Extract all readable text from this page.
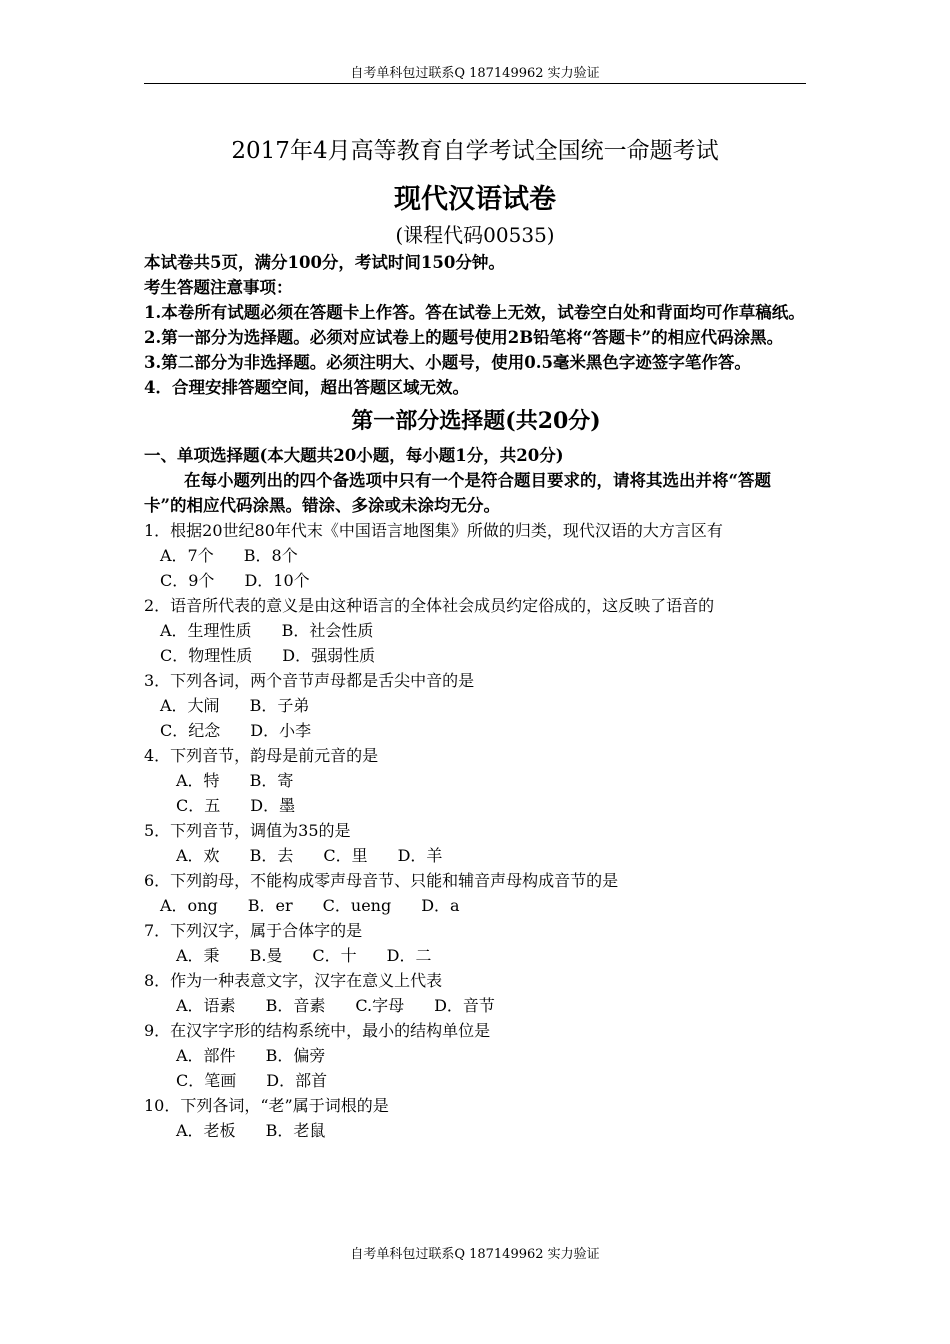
自考单科包过联系Q 187149962 实力验证
2017年4月高等教育自学考试全国统一命题考试
现代汉语试卷
(课程代码00535)
本试卷共5页，满分100分，考试时间150分钟。
考生答题注意事项：
1.本卷所有试题必须在答题卡上作答。答在试卷上无效，试卷空白处和背面均可作草稿纸。
2.第一部分为选择题。必须对应试卷上的题号使用2B铅笔将“答题卡”的相应代码涂黑。
3.第二部分为非选择题。必须注明大、小题号，使用0.5毫米黑色字迹签字笔作答。
4．合理安排答题空间，超出答题区域无效。
第一部分选择题(共20分)
一、单项选择题(本大题共20小题，每小题1分，共20分)
在每小题列出的四个备选项中只有一个是符合题目要求的，请将其选出并将“答题卡”的相应代码涂黑。错涂、多涂或未涂均无分。
1．根据20世纪80年代末《中国语言地图集》所做的归类，现代汉语的大方言区有
A．7个 B．8个
C．9个 D．10个
2．语音所代表的意义是由这种语言的全体社会成员约定俗成的，这反映了语音的
A．生理性质 B．社会性质
C．物理性质 D．强弱性质
3．下列各词，两个音节声母都是舌尖中音的是
A．大闹 B．子弟
C．纪念 D．小李
4．下列音节，韵母是前元音的是
A．特 B．寄
C．五 D．墨
5．下列音节，调值为35的是
A．欢 B．去 C．里 D．羊
6．下列韵母，不能构成零声母音节、只能和辅音声母构成音节的是
A．ong B．er C．ueng D．a
7．下列汉字，属于合体字的是
A．秉 B.曼 C．十 D．二
8．作为一种表意文字，汉字在意义上代表
A．语素 B．音素 C.字母 D．音节
9．在汉字字形的结构系统中，最小的结构单位是
A．部件 B．偏旁
C．笔画 D．部首
10．下列各词，“老”属于词根的是
A．老板 B．老鼠
自考单科包过联系Q 187149962 实力验证
